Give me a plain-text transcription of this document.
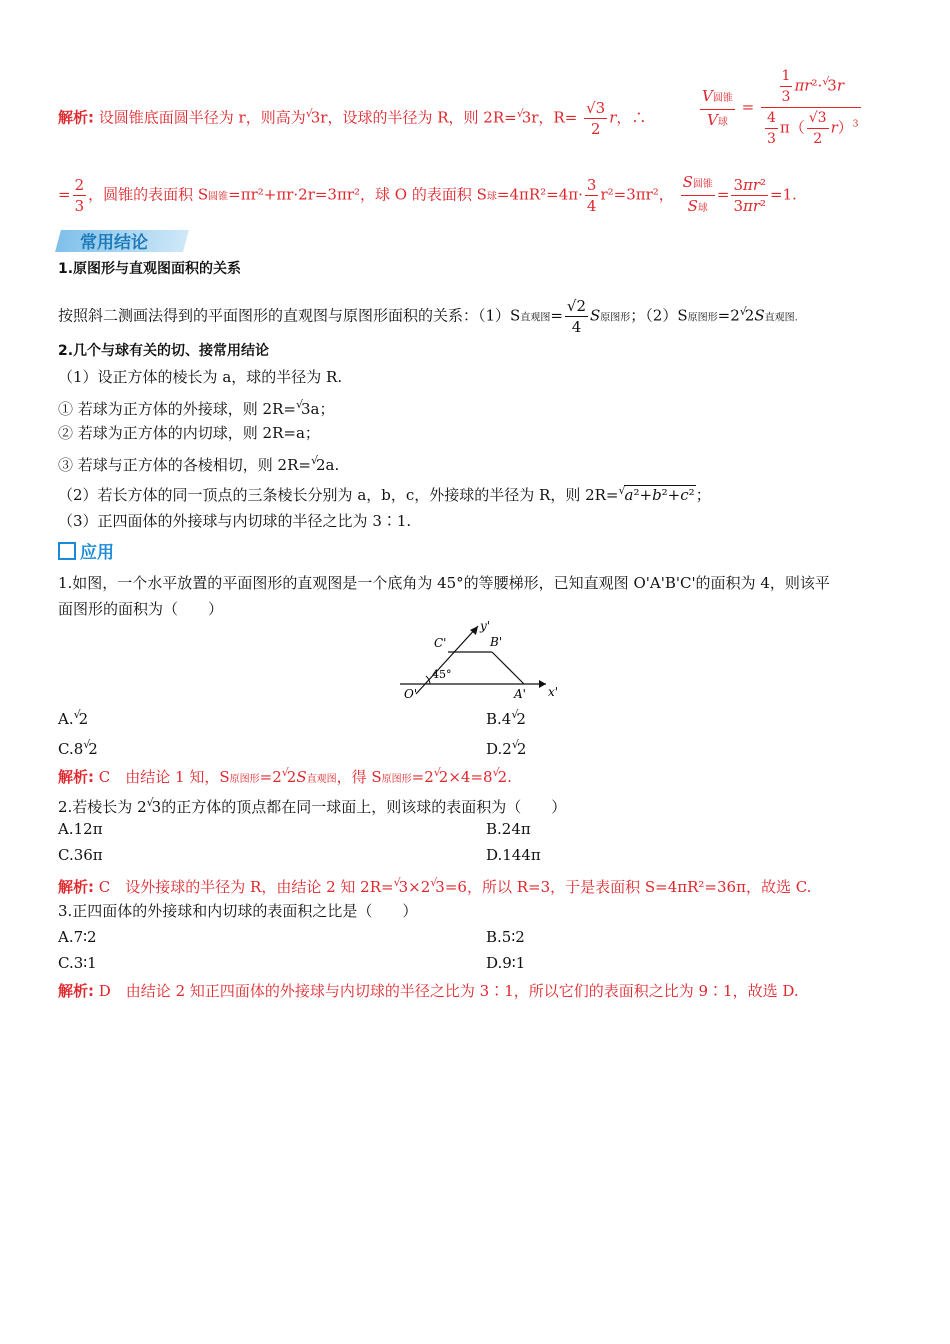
解析: 设圆锥底面圆半径为 r，则高为√3r，设球的半径为 R，则 2R=√3r，$R= \frac{√3}{2}$ r，∴	$\frac{\text{V圆锥}}{\text{V球}} = \frac{\frac{1}{3} \pi r^2\cdot√3r}{\frac{4}{3} \pi( \frac{√3}{2} r)^3}$
= $\frac{2}{3}$ ，圆锥的表面积 S圆锥=πr²+πr·2r=3πr²，球 O 的表面积 S球$=4\pi R^2=4\pi\cdot \frac{3}{4} r^2=3\pi r^2$， $\frac{\text{S圆锥}}{\text{S球}} = \frac{\text{3πr²}}{\text{3πr²}} =1$.
常用结论
1.原图形与直观图面积的关系
按照斜二测画法得到的平面图形的直观图与原图形面积的关系：（1）S直观图= $\frac{√2}{4}$ S原图形；（2）S原图形=2√2S直观图.
2.几个与球有关的切、接常用结论
（1）设正方体的棱长为 a，球的半径为 R.
① 若球为正方体的外接球，则 2R=√3a；
② 若球为正方体的内切球，则 2R=a；
③ 若球与正方体的各棱相切，则 2R=√2a.
（2）若长方体的同一顶点的三条棱长分别为 a，b，c，外接球的半径为 R，则 2R=√a²+b²+c²；
（3）正四面体的外接球与内切球的半径之比为 3∶1.
应用
1.如图，一个水平放置的平面图形的直观图是一个底角为 45°的等腰梯形，已知直观图 O'A'B'C'的面积为 4，则该平
面图形的面积为（　　）
C'	B'
O'	A' x'
y'
45°
A.√2	B.4√2
C.8√2	D.2√2
解析: C　由结论 1 知，S原图形=2√2S直观图，得 S原图形=2√2×4=8√2.
2.若棱长为 2√3的正方体的顶点都在同一球面上，则该球的表面积为（　　）
A.12π	B.24π
C.36π	D.144π
解析: C　设外接球的半径为 R，由结论 2 知 2R=√3×2√3=6，所以 R=3，于是表面积 S=4πR²=36π，故选 C.
3.正四面体的外接球和内切球的表面积之比是（　　）
A.7∶2	B.5∶2
C.3∶1	D.9∶1
解析: D　由结论 2 知正四面体的外接球与内切球的半径之比为 3∶1，所以它们的表面积之比为 9∶1，故选 D.
